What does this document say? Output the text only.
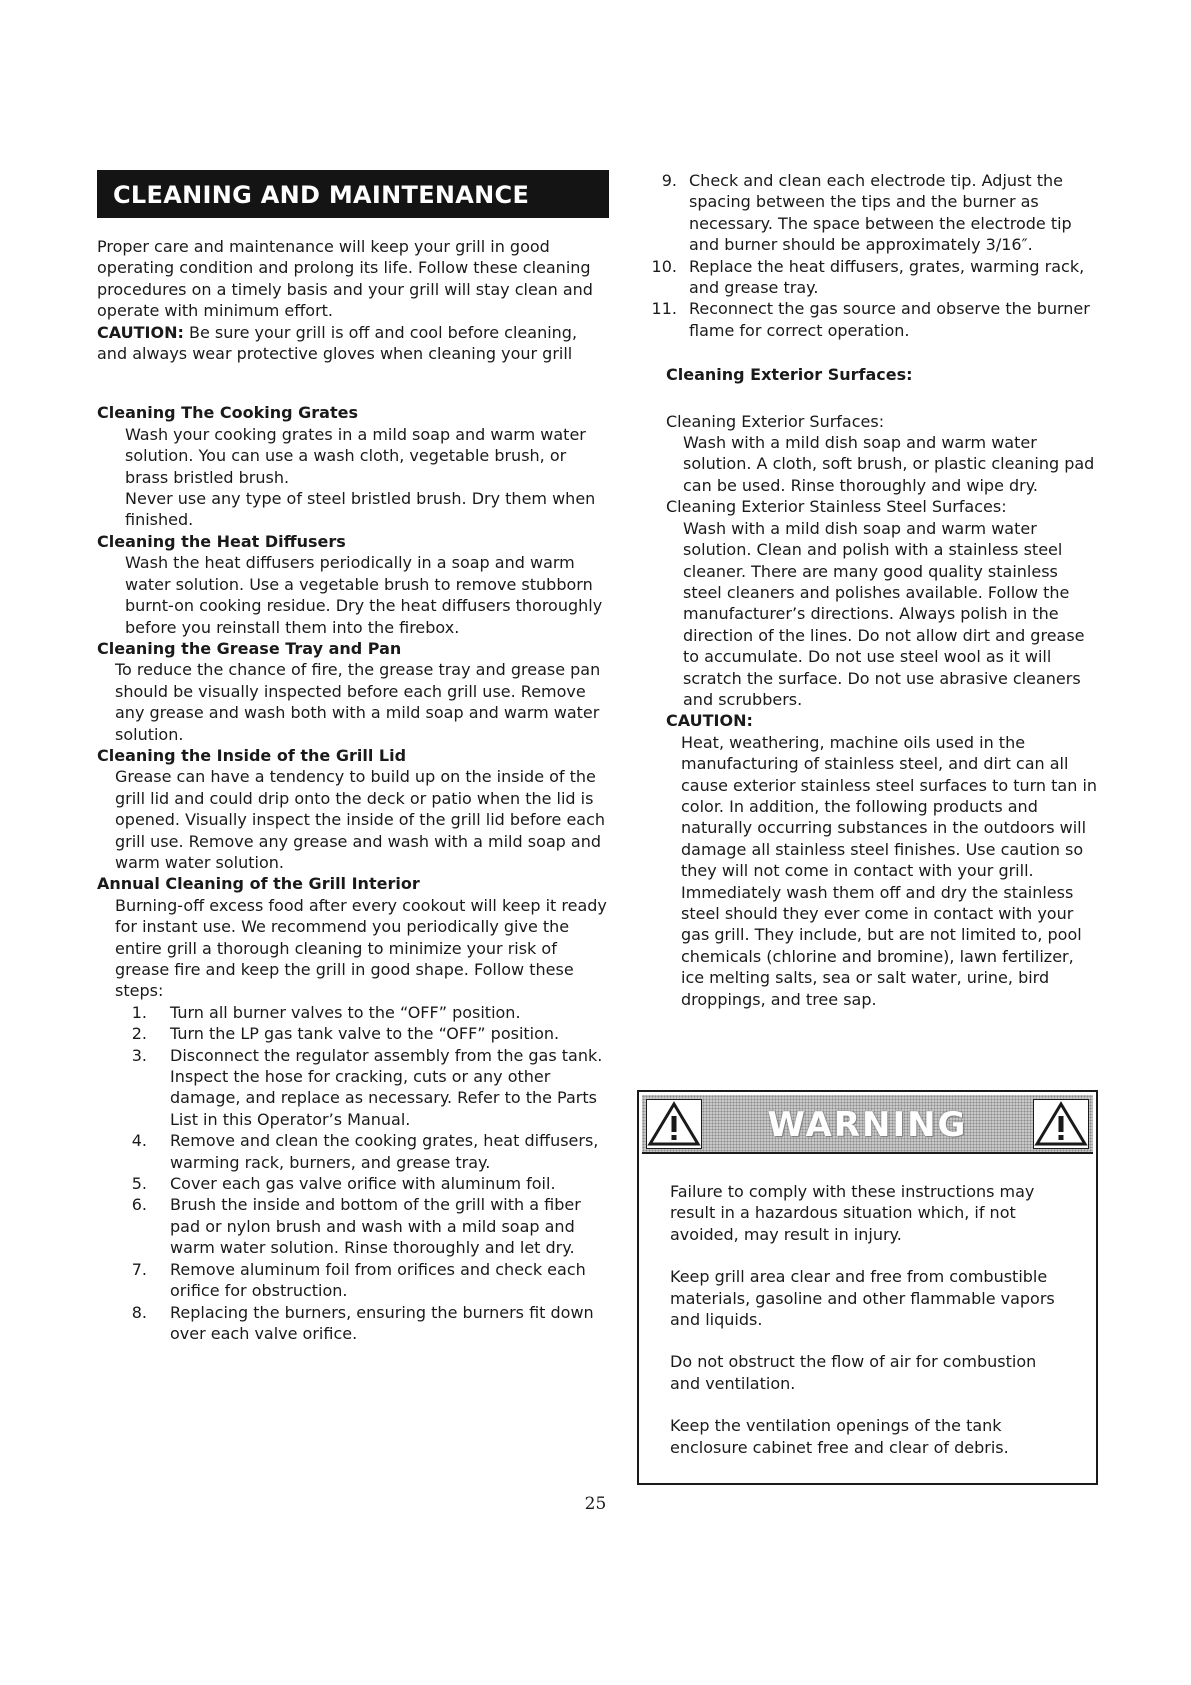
CLEANING AND MAINTENANCE

Proper care and maintenance will keep your grill in good operating condition and prolong its life. Follow these cleaning procedures on a timely basis and your grill will stay clean and operate with minimum effort.
CAUTION: Be sure your grill is off and cool before cleaning, and always wear protective gloves when cleaning your grill

Cleaning The Cooking Grates

Wash your cooking grates in a mild soap and warm water solution. You can use a wash cloth, vegetable brush, or brass bristled brush.

Never use any type of steel bristled brush. Dry them when finished.

Cleaning the Heat Diffusers

Wash the heat diffusers periodically in a soap and warm water solution. Use a vegetable brush to remove stubborn burnt-on cooking residue. Dry the heat diffusers thoroughly before you reinstall them into the firebox.

Cleaning the Grease Tray and Pan

To reduce the chance of fire, the grease tray and grease pan should be visually inspected before each grill use. Remove any grease and wash both with a mild soap and warm water solution.

Cleaning the Inside of the Grill Lid

Grease can have a tendency to build up on the inside of the grill lid and could drip onto the deck or patio when the lid is opened. Visually inspect the inside of the grill lid before each grill use. Remove any grease and wash with a mild soap and warm water solution.

Annual Cleaning of the Grill Interior

Burning-off excess food after every cookout will keep it ready for instant use. We recommend you periodically give the entire grill a thorough cleaning to minimize your risk of grease fire and keep the grill in good shape. Follow these steps:

1. Turn all burner valves to the “OFF” position.
2. Turn the LP gas tank valve to the “OFF” position.
3. Disconnect the regulator assembly from the gas tank. Inspect the hose for cracking, cuts or any other damage, and replace as necessary. Refer to the Parts List in this Operator’s Manual.
4. Remove and clean the cooking grates, heat diffusers, warming rack, burners, and grease tray.
5. Cover each gas valve orifice with aluminum foil.
6. Brush the inside and bottom of the grill with a fiber pad or nylon brush and wash with a mild soap and warm water solution. Rinse thoroughly and let dry.
7. Remove aluminum foil from orifices and check each orifice for obstruction.
8. Replacing the burners, ensuring the burners fit down over each valve orifice.
9. Check and clean each electrode tip. Adjust the spacing between the tips and the burner as necessary. The space between the electrode tip and burner should be approximately 3/16″.
10. Replace the heat diffusers, grates, warming rack, and grease tray.
11. Reconnect the gas source and observe the burner flame for correct operation.
Cleaning Exterior Surfaces:

Cleaning Exterior Surfaces:

Wash with a mild dish soap and warm water solution. A cloth, soft brush, or plastic cleaning pad can be used. Rinse thoroughly and wipe dry.

Cleaning Exterior Stainless Steel Surfaces:

Wash with a mild dish soap and warm water solution. Clean and polish with a stainless steel cleaner. There are many good quality stainless steel cleaners and polishes available. Follow the manufacturer’s directions. Always polish in the direction of the lines. Do not allow dirt and grease to accumulate. Do not use steel wool as it will scratch the surface. Do not use abrasive cleaners and scrubbers.

CAUTION:

Heat, weathering, machine oils used in the manufacturing of stainless steel, and dirt can all cause exterior stainless steel surfaces to turn tan in color. In addition, the following products and naturally occurring substances in the outdoors will damage all stainless steel finishes. Use caution so they will not come in contact with your grill. Immediately wash them off and dry the stainless steel should they ever come in contact with your gas grill. They include, but are not limited to, pool chemicals (chlorine and bromine), lawn fertilizer, ice melting salts, sea or salt water, urine, bird droppings, and tree sap.

WARNING

Failure to comply with these instructions may result in a hazardous situation which, if not avoided, may result in injury.

Keep grill area clear and free from combustible materials, gasoline and other flammable vapors and liquids.

Do not obstruct the flow of air for combustion and ventilation.

Keep the ventilation openings of the tank enclosure cabinet free and clear of debris.

25
